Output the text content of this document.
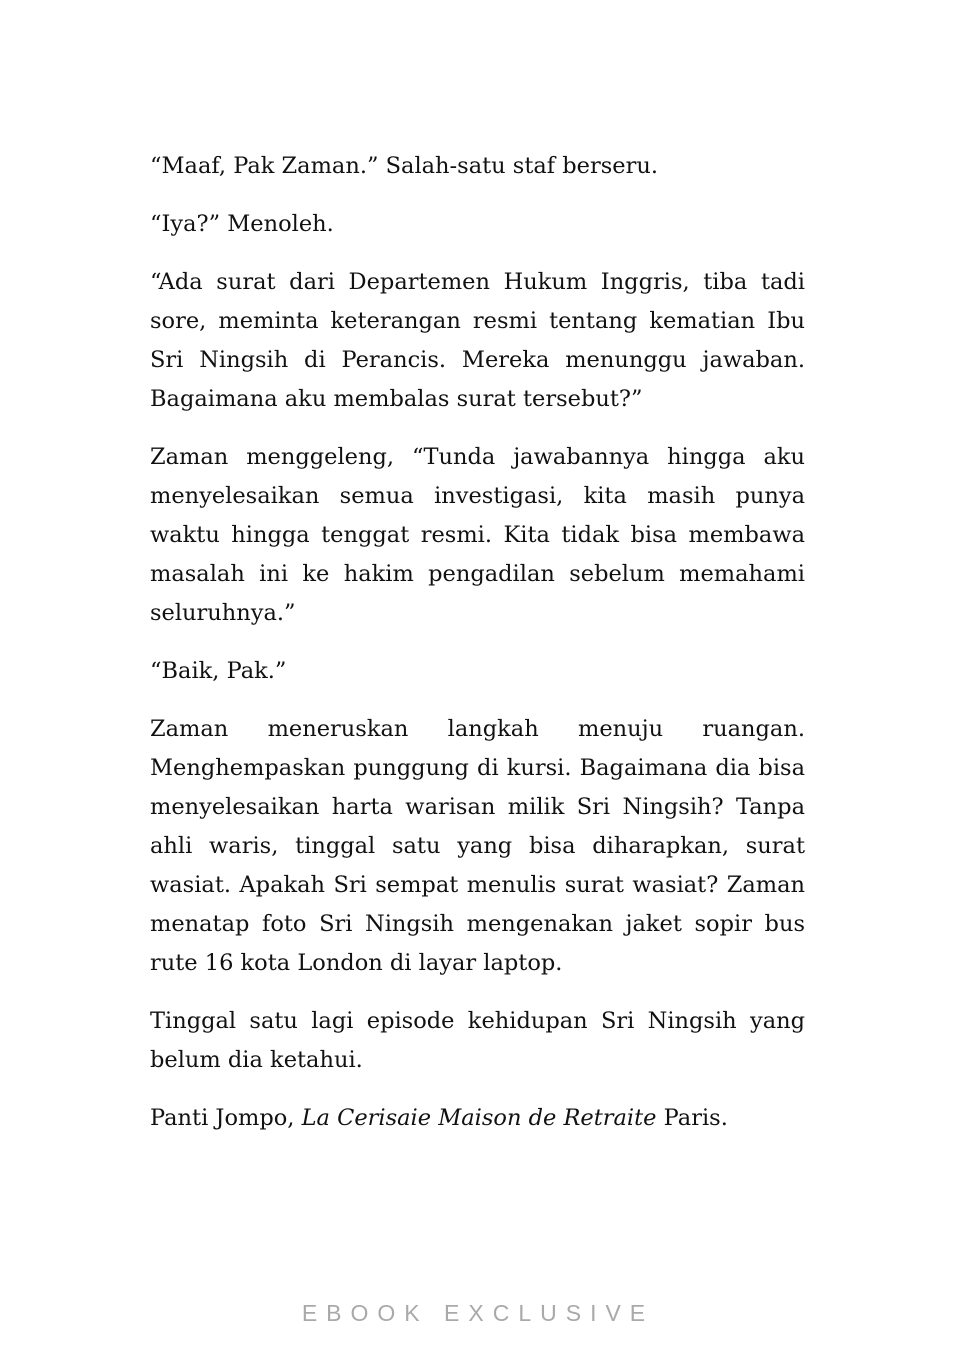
“Maaf, Pak Zaman.” Salah-satu staf berseru.

“Iya?” Menoleh.

“Ada surat dari Departemen Hukum Inggris, tiba tadi sore, meminta keterangan resmi tentang kematian Ibu Sri Ningsih di Perancis. Mereka menunggu jawaban. Bagaimana aku membalas surat tersebut?”

Zaman menggeleng, “Tunda jawabannya hingga aku menyelesaikan semua investigasi, kita masih punya waktu hingga tenggat resmi. Kita tidak bisa membawa masalah ini ke hakim pengadilan sebelum memahami seluruhnya.”

“Baik, Pak.”

Zaman meneruskan langkah menuju ruangan. Menghempaskan punggung di kursi. Bagaimana dia bisa menyelesaikan harta warisan milik Sri Ningsih? Tanpa ahli waris, tinggal satu yang bisa diharapkan, surat wasiat. Apakah Sri sempat menulis surat wasiat? Zaman menatap foto Sri Ningsih mengenakan jaket sopir bus rute 16 kota London di layar laptop.

Tinggal satu lagi episode kehidupan Sri Ningsih yang belum dia ketahui.

Panti Jompo, La Cerisaie Maison de Retraite Paris.

EBOOK EXCLUSIVE
